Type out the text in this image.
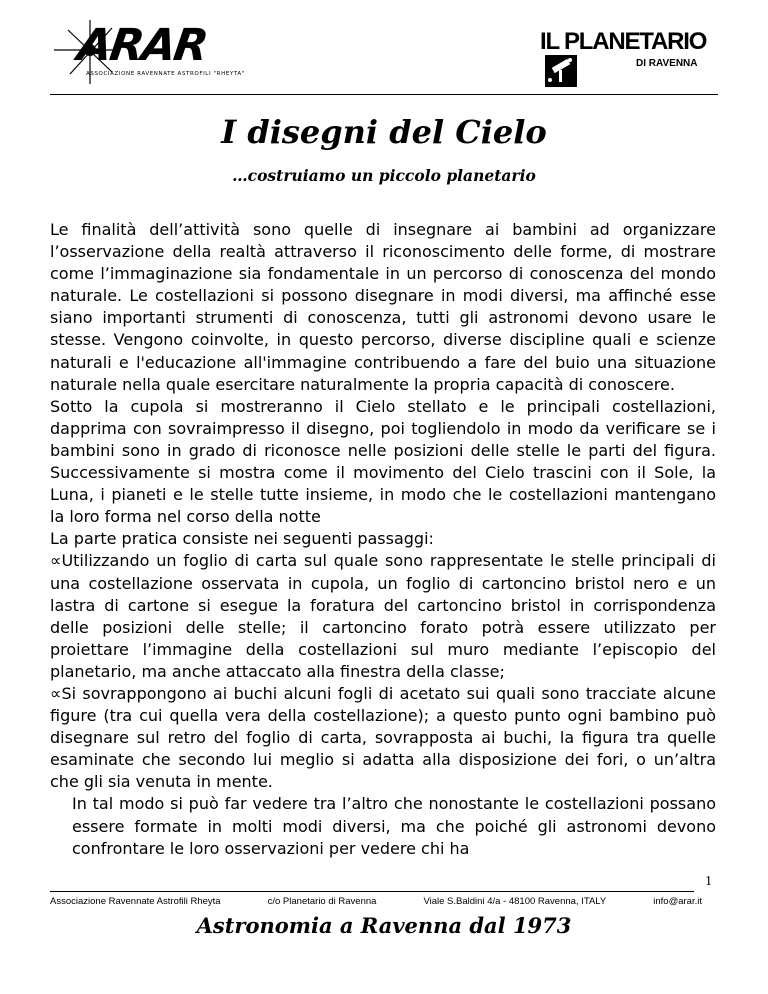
ARAR
ASSOCIAZIONE RAVENNATE ASTROFILI "RHEYTA"
IL PLANETARIO
DI RAVENNA
I disegni del Cielo
…costruiamo un piccolo planetario

Le finalità dell’attività sono quelle di insegnare ai bambini ad organizzare l’osservazione della realtà attraverso il riconoscimento delle forme, di mostrare come l’immaginazione sia fondamentale in un percorso di conoscenza del mondo naturale. Le costellazioni si possono disegnare in modi diversi, ma affinché esse siano importanti strumenti di conoscenza, tutti gli astronomi devono usare le stesse. Vengono coinvolte, in questo percorso, diverse discipline quali e scienze naturali e l'educazione all'immagine contribuendo a fare del buio una situazione naturale nella quale esercitare naturalmente la propria capacità di conoscere.

Sotto la cupola si mostreranno il Cielo stellato e le principali costellazioni, dapprima con sovraimpresso il disegno, poi togliendolo in modo da verificare se i bambini sono in grado di riconosce nelle posizioni delle stelle le parti del figura. Successivamente si mostra come il movimento del Cielo trascini con il Sole, la Luna, i pianeti e le stelle tutte insieme, in modo che le costellazioni mantengano la loro forma nel corso della notte

La parte pratica consiste nei seguenti passaggi:

∝Utilizzando un foglio di carta sul quale sono rappresentate le stelle principali di una costellazione osservata in cupola, un foglio di cartoncino bristol nero e un lastra di cartone si esegue la foratura del cartoncino bristol in corrispondenza delle posizioni delle stelle; il cartoncino forato potrà essere utilizzato per proiettare l’immagine della costellazioni sul muro mediante l’episcopio del planetario, ma anche attaccato alla finestra della classe;

∝Si sovrappongono ai buchi alcuni fogli di acetato sui quali sono tracciate alcune figure (tra cui quella vera della costellazione); a questo punto ogni bambino può disegnare sul retro del foglio di carta, sovrapposta ai buchi, la figura tra quelle esaminate che secondo lui meglio si adatta alla disposizione dei fori, o un’altra che gli sia venuta in mente.

In tal modo si può far vedere tra l’altro che nonostante le costellazioni possano essere formate in molti modi diversi, ma che poiché gli astronomi devono confrontare le loro osservazioni per vedere chi ha

1
Associazione Ravennate Astrofili Rheyta	c/o Planetario di Ravenna	Viale S.Baldini 4/a - 48100 Ravenna, ITALY	info@arar.it
Astronomia a Ravenna dal 1973
